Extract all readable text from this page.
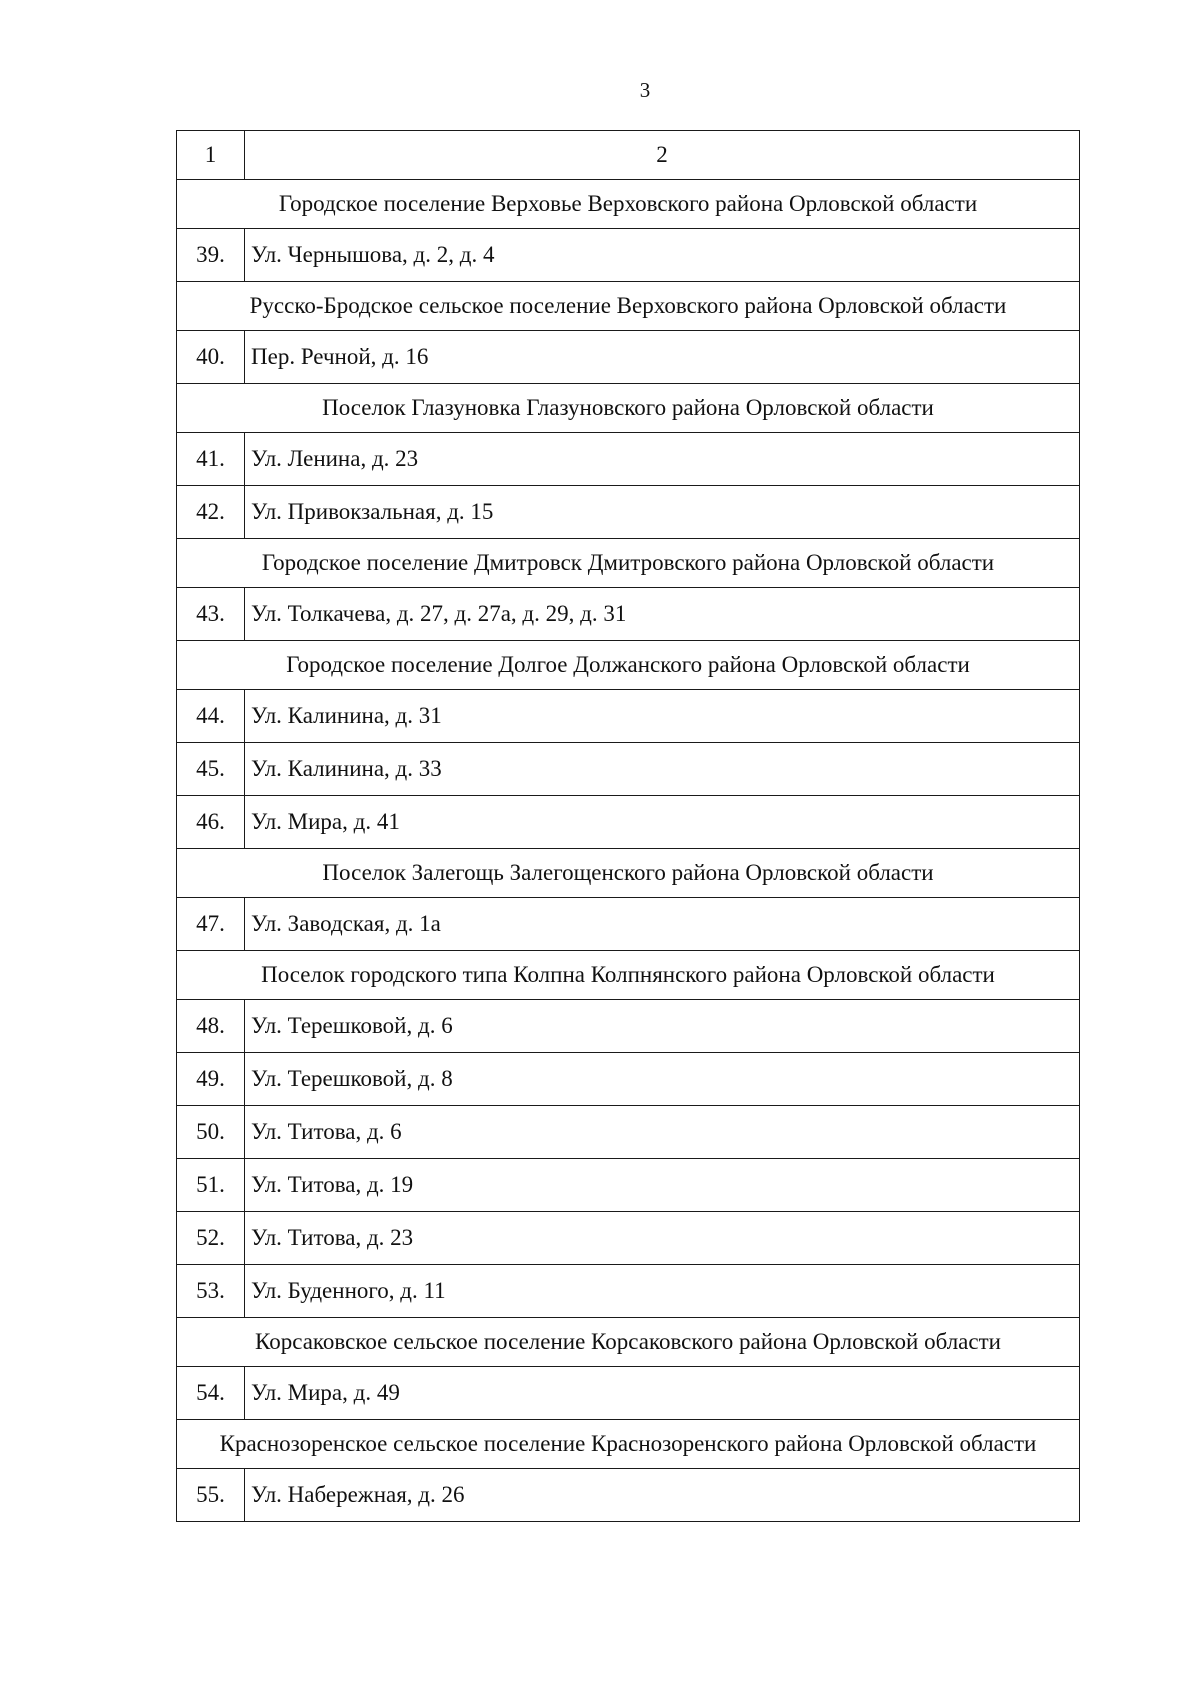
3
1	2
Городское поселение Верховье Верховского района Орловской области	
39.	Ул. Чернышова, д. 2, д. 4
Русско-Бродское сельское поселение Верховского района Орловской области	
40.	Пер. Речной, д. 16
Поселок Глазуновка Глазуновского района Орловской области	
41.	Ул. Ленина, д. 23
42.	Ул. Привокзальная, д. 15
Городское поселение Дмитровск Дмитровского района Орловской области	
43.	Ул. Толкачева, д. 27, д. 27а, д. 29, д. 31
Городское поселение Долгое Должанского района Орловской области	
44.	Ул. Калинина, д. 31
45.	Ул. Калинина, д. 33
46.	Ул. Мира, д. 41
Поселок Залегощь Залегощенского района Орловской области	
47.	Ул. Заводская, д. 1а
Поселок городского типа Колпна Колпнянского района Орловской области	
48.	Ул. Терешковой, д. 6
49.	Ул. Терешковой, д. 8
50.	Ул. Титова, д. 6
51.	Ул. Титова, д. 19
52.	Ул. Титова, д. 23
53.	Ул. Буденного, д. 11
Корсаковское сельское поселение Корсаковского района Орловской области	
54.	Ул. Мира, д. 49
Краснозоренское сельское поселение Краснозоренского района Орловской области	
55.	Ул. Набережная, д. 26
